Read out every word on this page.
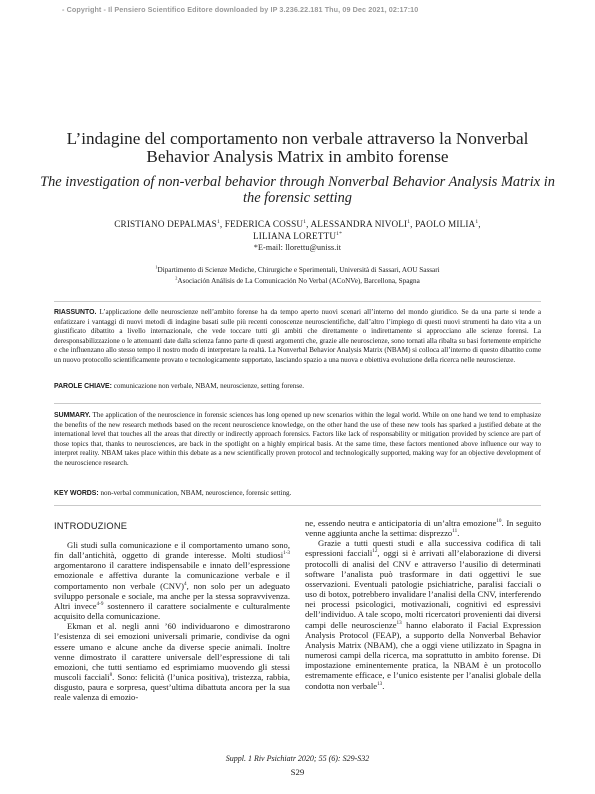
- Copyright - Il Pensiero Scientifico Editore downloaded by IP 3.236.22.181 Thu, 09 Dec 2021, 02:17:10
L’indagine del comportamento non verbale attraverso la Nonverbal Behavior Analysis Matrix in ambito forense
The investigation of non-verbal behavior through Nonverbal Behavior Analysis Matrix in the forensic setting
CRISTIANO DEPALMAS$^1$, FEDERICA COSSU$^1$, ALESSANDRA NIVOLI$^1$, PAOLO MILIA$^1$,
LILIANA $LORETTU^{1*}$
*E-mail: llorettu@uniss.it
$^1$Dipartimento di Scienze Mediche, Chirurgiche e Sperimentali, Università di Sassari, AOU Sassari
$^2$Asociación Análisis de La Comunicación No Verbal (ACoNVe), Barcellona, Spagna
RIASSUNTO. L’applicazione delle neuroscienze nell’ambito forense ha da tempo aperto nuovi scenari all’interno del mondo giuridico. Se da una parte si tende a enfatizzare i vantaggi di nuovi metodi di indagine basati sulle più recenti conoscenze neuroscientifiche, dall’altro l’impiego di questi nuovi strumenti ha dato vita a un giustificato dibattito a livello internazionale, che vede toccare tutti gli ambiti che direttamente o indirettamente si approcciano alle scienze forensi. La deresponsabilizzazione o le attenuanti date dalla scienza fanno parte di questi argomenti che, grazie alle neuroscienze, sono tornati alla ribalta su basi fortemente empiriche e che influenzano allo stesso tempo il nostro modo di interpretare la realtà. La Nonverbal Behavior Analysis Matrix (NBAM) si colloca all’interno di questo dibattito come un nuovo protocollo scientificamente provato e tecnologicamente supportato, lasciando spazio a una nuova e obiettiva evoluzione della ricerca nelle neuroscienze.
PAROLE CHIAVE: comunicazione non verbale, NBAM, neuroscienze, setting forense.
SUMMARY. The application of the neuroscience in forensic sciences has long opened up new scenarios within the legal world. While on one hand we tend to emphasize the benefits of the new research methods based on the recent neuroscience knowledge, on the other hand the use of these new tools has sparked a justified debate at the international level that touches all the areas that directly or indirectly approach forensics. Factors like lack of responsability or mitigation provided by science are part of those topics that, thanks to neurosciences, are back in the spotlight on a highly empirical basis. At the same time, these factors mentioned above influence our way to interpret reality. NBAM takes place within this debate as a new scientifically proven protocol and technologically supported, making way for an objective development of the neuroscience research.
KEY WORDS: non-verbal communication, NBAM, neuroscience, forensic setting.
INTRODUZIONE

Gli studi sulla comunicazione e il comportamento umano sono, fin dall’antichità, oggetto di grande interesse. Molti studiosi$^{1-3}$ argomentarono il carattere indispensabile e innato dell’espressione emozionale e affettiva durante la comunicazione verbale e il comportamento non verbale (CNV)$^4$, non solo per un adeguato sviluppo personale e sociale, ma anche per la stessa sopravvivenza. Altri invece$^{4-9}$ sostennero il carattere socialmente e culturalmente acquisito della comunicazione.

Ekman et al. negli anni ’60 individuarono e dimostrarono l’esistenza di sei emozioni universali primarie, condivise da ogni essere umano e alcune anche da diverse specie animali. Inoltre venne dimostrato il carattere universale dell’espressione di tali emozioni, che tutti sentiamo ed esprimiamo muovendo gli stessi muscoli facciali$^8$. Sono: felicità (l’unica positiva), tristezza, rabbia, disgusto, paura e sorpresa, quest’ultima dibattuta ancora per la sua reale valenza di emozio-

ne, essendo neutra e anticipatoria di un’altra emozione$^{10}$. In seguito venne aggiunta anche la settima: disprezzo$^{11}$.

Grazie a tutti questi studi e alla successiva codifica di tali espressioni facciali$^{12}$, oggi si è arrivati all’elaborazione di diversi protocolli di analisi del CNV e attraverso l’ausilio di determinati software l’analista può trasformare in dati oggettivi le sue osservazioni. Eventuali patologie psichiatriche, paralisi facciali o uso di botox, potrebbero invalidare l’analisi della CNV, interferendo nei processi psicologici, motivazionali, cognitivi ed espressivi dell’individuo. A tale scopo, molti ricercatori provenienti dai diversi campi delle neuroscienze$^{13}$ hanno elaborato il Facial Expression Analysis Protocol (FEAP), a supporto della Nonverbal Behavior Analysis Matrix (NBAM), che a oggi viene utilizzato in Spagna in numerosi campi della ricerca, ma soprattutto in ambito forense. Di impostazione eminentemente pratica, la NBAM è un protocollo estremamente efficace, e l’unico esistente per l’analisi globale della condotta non verbale$^{13}$.

Suppl. 1 Riv Psichiatr 2020; 55 (6): S29-S32
S29
